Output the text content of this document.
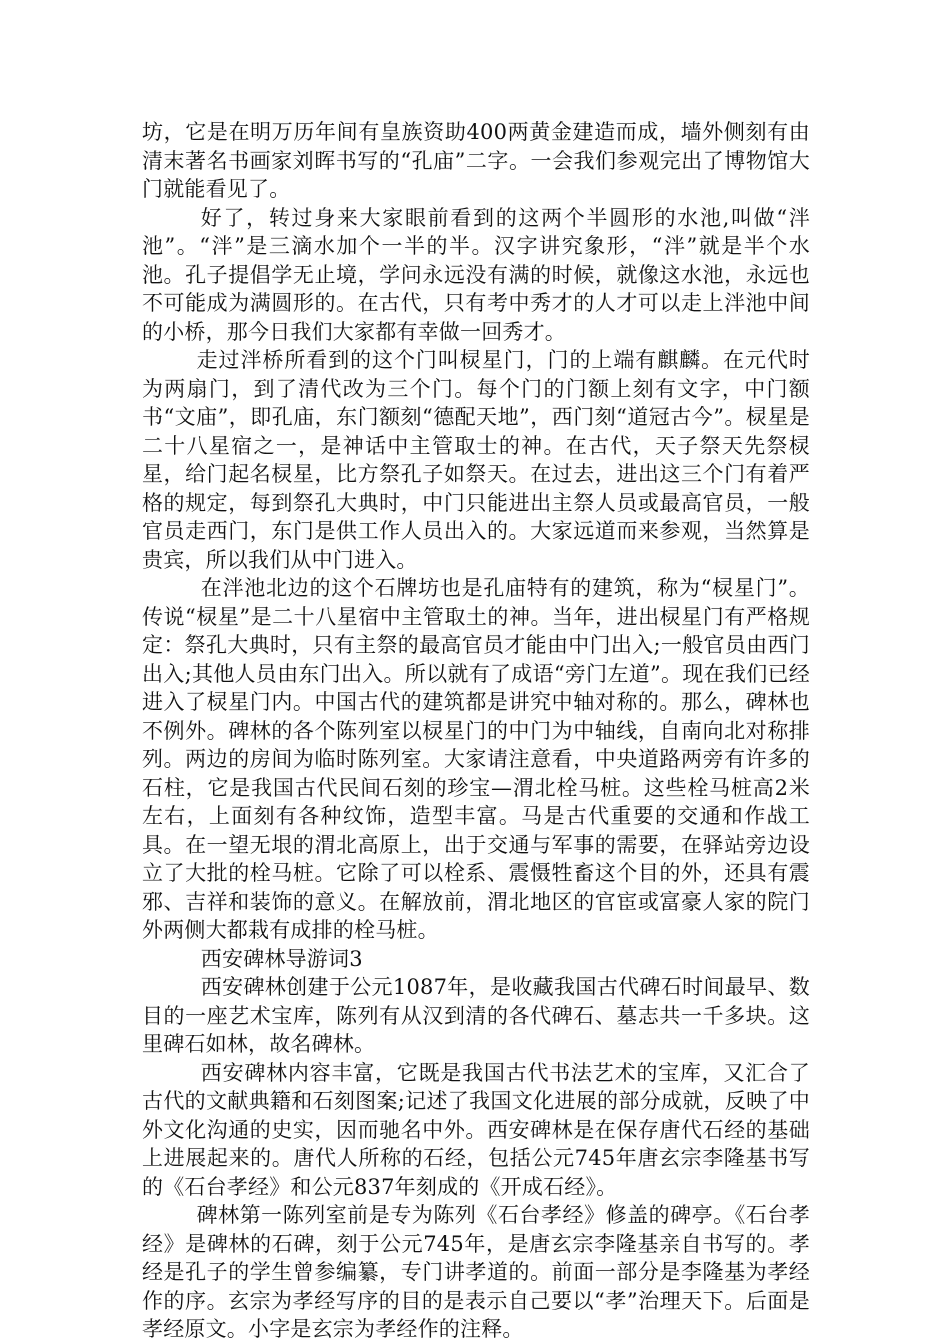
坊，它是在明万历年间有皇族资助400两黄金建造而成，墙外侧刻有由清末著名书画家刘晖书写的“孔庙”二字。一会我们参观完出了博物馆大门就能看见了。

好了，转过身来大家眼前看到的这两个半圆形的水池,叫做“泮池”。“泮”是三滴水加个一半的半。汉字讲究象形，“泮”就是半个水池。孔子提倡学无止境，学问永远没有满的时候，就像这水池，永远也不可能成为满圆形的。在古代，只有考中秀才的人才可以走上泮池中间的小桥，那今日我们大家都有幸做一回秀才。

走过泮桥所看到的这个门叫棂星门，门的上端有麒麟。在元代时为两扇门，到了清代改为三个门。每个门的门额上刻有文字，中门额书“文庙”，即孔庙，东门额刻“德配天地”，西门刻“道冠古今”。棂星是二十八星宿之一，是神话中主管取士的神。在古代，天子祭天先祭棂星，给门起名棂星，比方祭孔子如祭天。在过去，进出这三个门有着严格的规定，每到祭孔大典时，中门只能进出主祭人员或最高官员，一般官员走西门，东门是供工作人员出入的。大家远道而来参观，当然算是贵宾，所以我们从中门进入。

在泮池北边的这个石牌坊也是孔庙特有的建筑，称为“棂星门”。传说“棂星”是二十八星宿中主管取土的神。当年，进出棂星门有严格规定：祭孔大典时，只有主祭的最高官员才能由中门出入;一般官员由西门出入;其他人员由东门出入。所以就有了成语“旁门左道”。现在我们已经进入了棂星门内。中国古代的建筑都是讲究中轴对称的。那么，碑林也不例外。碑林的各个陈列室以棂星门的中门为中轴线，自南向北对称排列。两边的房间为临时陈列室。大家请注意看，中央道路两旁有许多的石柱，它是我国古代民间石刻的珍宝—渭北栓马桩。这些栓马桩高2米左右，上面刻有各种纹饰，造型丰富。马是古代重要的交通和作战工具。在一望无垠的渭北高原上，出于交通与军事的需要，在驿站旁边设立了大批的栓马桩。它除了可以栓系、震慑牲畜这个目的外，还具有震邪、吉祥和装饰的意义。在解放前，渭北地区的官宦或富豪人家的院门外两侧大都栽有成排的栓马桩。

西安碑林导游词3

西安碑林创建于公元1087年，是收藏我国古代碑石时间最早、数目的一座艺术宝库，陈列有从汉到清的各代碑石、墓志共一千多块。这里碑石如林，故名碑林。

西安碑林内容丰富，它既是我国古代书法艺术的宝库，又汇合了古代的文献典籍和石刻图案;记述了我国文化进展的部分成就，反映了中外文化沟通的史实，因而驰名中外。西安碑林是在保存唐代石经的基础上进展起来的。唐代人所称的石经，包括公元745年唐玄宗李隆基书写的《石台孝经》和公元837年刻成的《开成石经》。

碑林第一陈列室前是专为陈列《石台孝经》修盖的碑亭。《石台孝经》是碑林的石碑，刻于公元745年，是唐玄宗李隆基亲自书写的。孝经是孔子的学生曾参编纂，专门讲孝道的。前面一部分是李隆基为孝经作的序。玄宗为孝经写序的目的是表示自己要以“孝”治理天下。后面是孝经原文。小字是玄宗为孝经作的注释。
